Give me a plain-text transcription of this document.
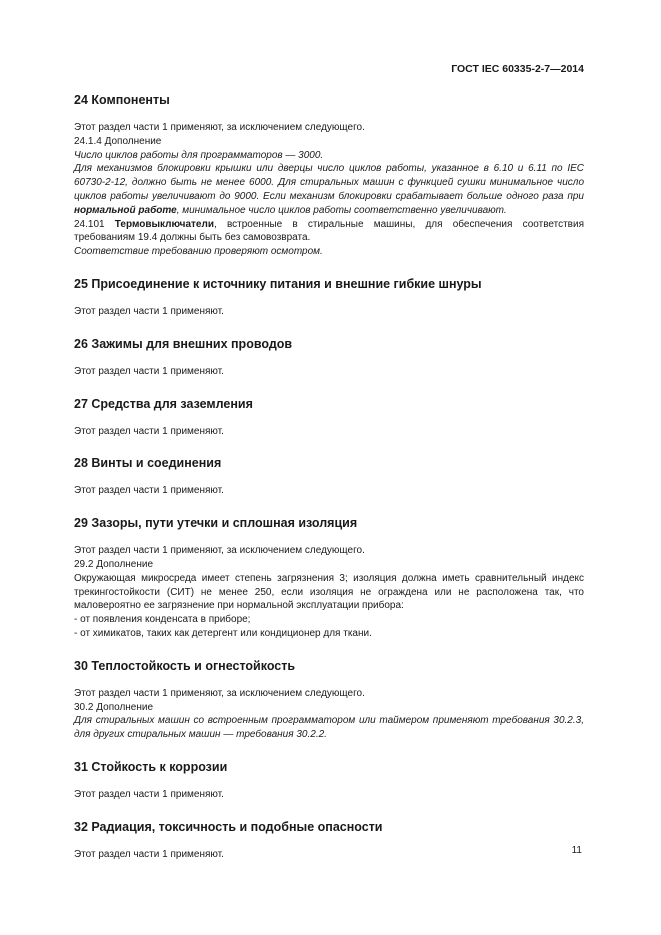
ГОСТ IEC 60335-2-7—2014
24 Компоненты

Этот раздел части 1 применяют, за исключением следующего.

24.1.4 Дополнение

Число циклов работы для программаторов — 3000.

Для механизмов блокировки крышки или дверцы число циклов работы, указанное в 6.10 и 6.11 по IEC 60730-2-12, должно быть не менее 6000. Для стиральных машин с функцией сушки минимальное число циклов работы увеличивают до 9000. Если механизм блокировки срабатывает больше одного раза при нормальной работе, минимальное число циклов работы соответственно увеличивают.

24.101 Термовыключатели, встроенные в стиральные машины, для обеспечения соответствия требованиям 19.4 должны быть без самовозврата.

Соответствие требованию проверяют осмотром.

25 Присоединение к источнику питания и внешние гибкие шнуры

Этот раздел части 1 применяют.

26 Зажимы для внешних проводов

Этот раздел части 1 применяют.

27 Средства для заземления

Этот раздел части 1 применяют.

28 Винты и соединения

Этот раздел части 1 применяют.

29 Зазоры, пути утечки и сплошная изоляция

Этот раздел части 1 применяют, за исключением следующего.

29.2 Дополнение

Окружающая микросреда имеет степень загрязнения 3; изоляция должна иметь сравнительный индекс трекингостойкости (СИТ) не менее 250, если изоляция не ограждена или не расположена так, что маловероятно ее загрязнение при нормальной эксплуатации прибора:

- от появления конденсата в приборе;

- от химикатов, таких как детергент или кондиционер для ткани.

30 Теплостойкость и огнестойкость

Этот раздел части 1 применяют, за исключением следующего.

30.2 Дополнение

Для стиральных машин со встроенным программатором или таймером применяют требования 30.2.3, для других стиральных машин — требования 30.2.2.

31 Стойкость к коррозии

Этот раздел части 1 применяют.

32 Радиация, токсичность и подобные опасности

Этот раздел части 1 применяют.	11
